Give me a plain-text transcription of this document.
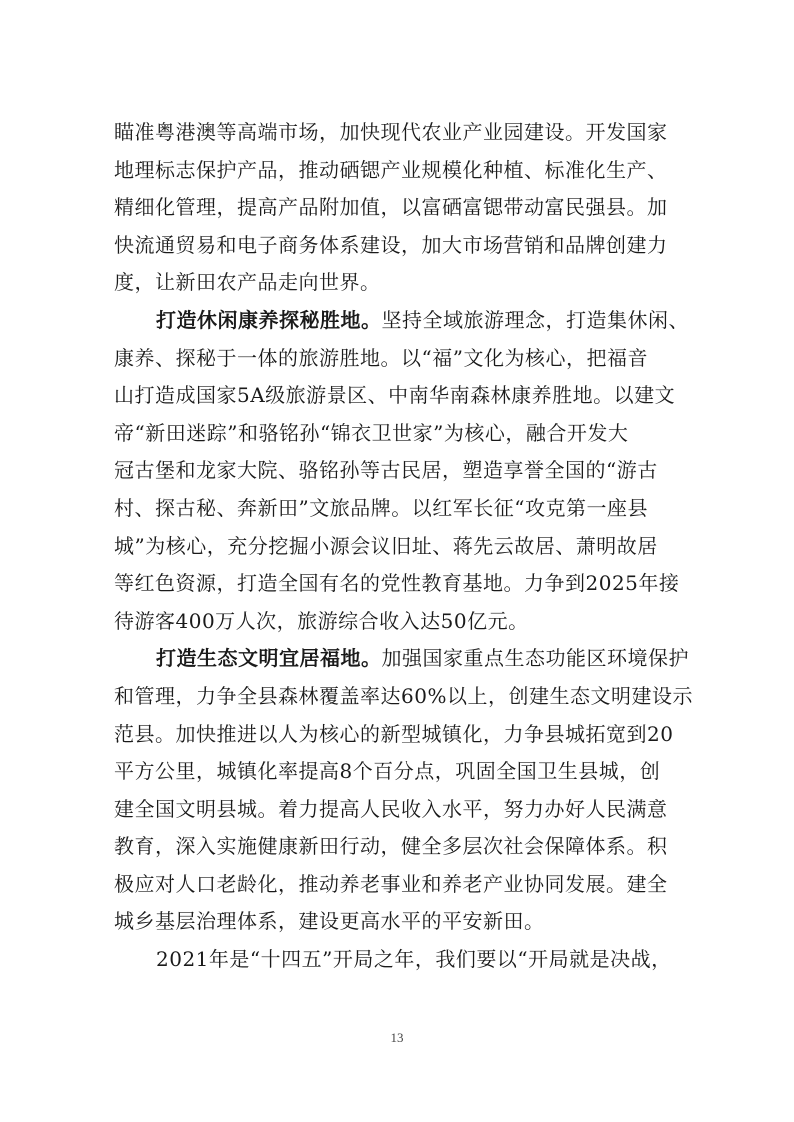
瞄准粤港澳等高端市场，加快现代农业产业园建设。开发国家
地理标志保护产品，推动硒锶产业规模化种植、标准化生产、
精细化管理，提高产品附加值，以富硒富锶带动富民强县。加
快流通贸易和电子商务体系建设，加大市场营销和品牌创建力
度，让新田农产品走向世界。
打造休闲康养探秘胜地。坚持全域旅游理念，打造集休闲、
康养、探秘于一体的旅游胜地。以“福”文化为核心，把福音
山打造成国家5A级旅游景区、中南华南森林康养胜地。以建文
帝“新田迷踪”和骆铭孙“锦衣卫世家”为核心，融合开发大
冠古堡和龙家大院、骆铭孙等古民居，塑造享誉全国的“游古
村、探古秘、奔新田”文旅品牌。以红军长征“攻克第一座县
城”为核心，充分挖掘小源会议旧址、蒋先云故居、萧明故居
等红色资源，打造全国有名的党性教育基地。力争到2025年接
待游客400万人次，旅游综合收入达50亿元。
打造生态文明宜居福地。加强国家重点生态功能区环境保护
和管理，力争全县森林覆盖率达60%以上，创建生态文明建设示
范县。加快推进以人为核心的新型城镇化，力争县城拓宽到20
平方公里，城镇化率提高8个百分点，巩固全国卫生县城，创
建全国文明县城。着力提高人民收入水平，努力办好人民满意
教育，深入实施健康新田行动，健全多层次社会保障体系。积
极应对人口老龄化，推动养老事业和养老产业协同发展。建全
城乡基层治理体系，建设更高水平的平安新田。
2021年是“十四五”开局之年，我们要以“开局就是决战，
13
